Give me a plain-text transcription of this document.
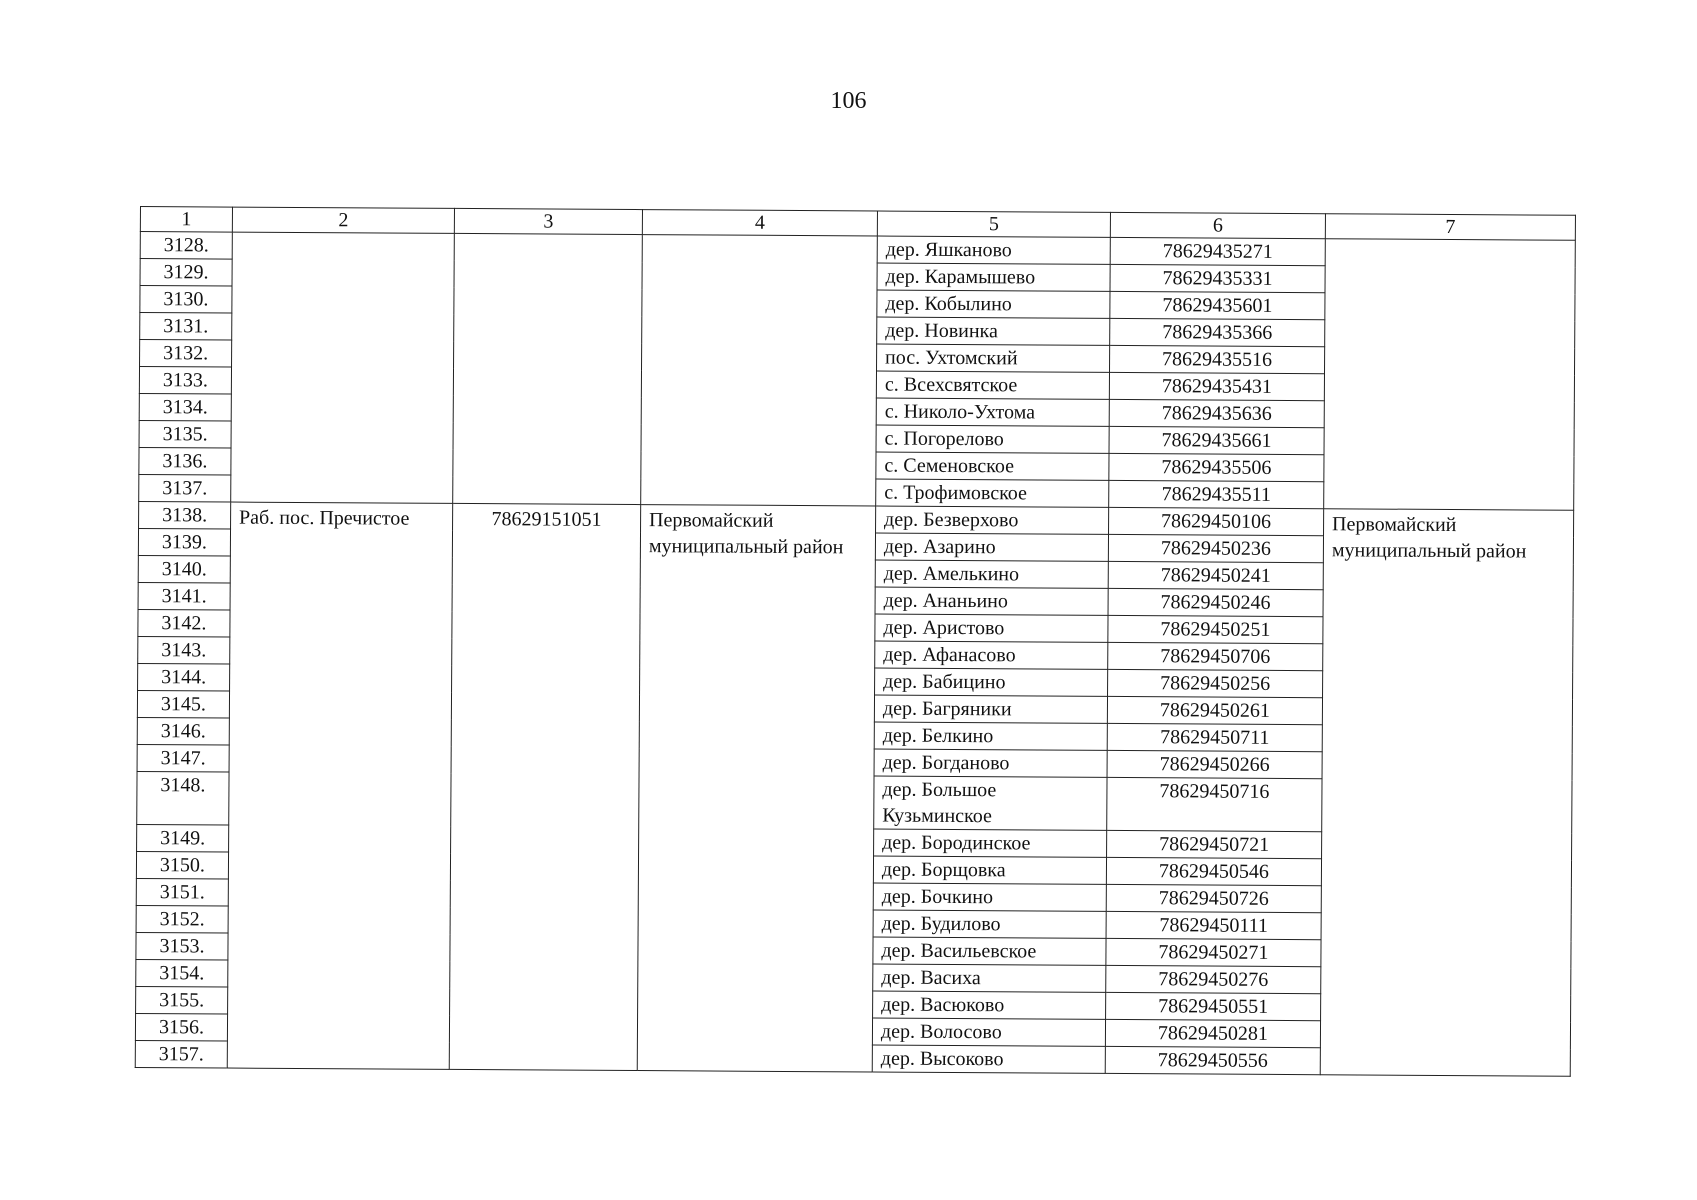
106
1	2	3	4	5	6	7
3128.				дер. Яшканово	78629435271	
3129.				дер. Карамышево	78629435331	
3130.				дер. Кобылино	78629435601	
3131.				дер. Новинка	78629435366	
3132.				пос. Ухтомский	78629435516	
3133.				с. Всехсвятское	78629435431	
3134.				с. Николо-Ухтома	78629435636	
3135.				с. Погорелово	78629435661	
3136.				с. Семеновское	78629435506	
3137.				с. Трофимовское	78629435511	
3138.	Раб. пос. Пречистое	78629151051	Первомайский муниципальный район	дер. Безверхово	78629450106	Первомайский муниципальный район
3139.				дер. Азарино	78629450236	
3140.				дер. Амелькино	78629450241	
3141.				дер. Ананьино	78629450246	
3142.				дер. Аристово	78629450251	
3143.				дер. Афанасово	78629450706	
3144.				дер. Бабицино	78629450256	
3145.				дер. Багряники	78629450261	
3146.				дер. Белкино	78629450711	
3147.				дер. Богданово	78629450266	
3148.				дер. Большое Кузьминское	78629450716	
3149.				дер. Бородинское	78629450721	
3150.				дер. Борщовка	78629450546	
3151.				дер. Бочкино	78629450726	
3152.				дер. Будилово	78629450111	
3153.				дер. Васильевское	78629450271	
3154.				дер. Васиха	78629450276	
3155.				дер. Васюково	78629450551	
3156.				дер. Волосово	78629450281	
3157.				дер. Высоково	78629450556	
